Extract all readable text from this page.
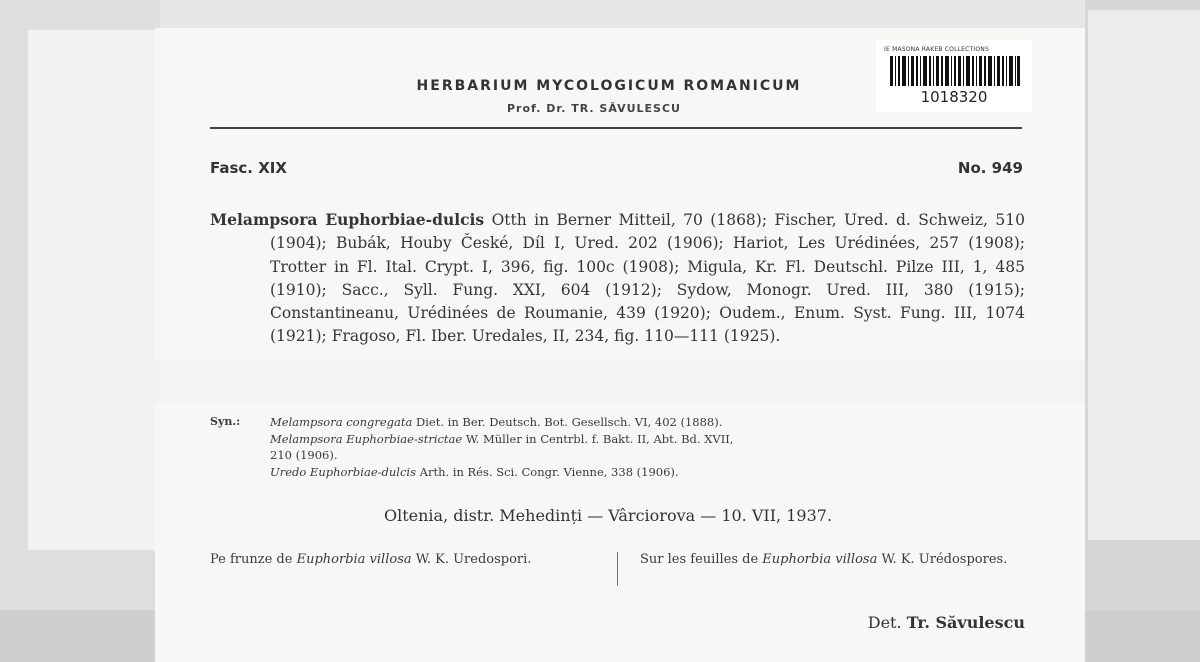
HERBARIUM MYCOLOGICUM ROMANICUM
Prof. Dr. TR. SĂVULESCU
Fasc. XIX	No. 949

Melampsora Euphorbiae-dulcis Otth in Berner Mitteil, 70 (1868); Fischer, Ured. d. Schweiz, 510 (1904); Bubák, Houby České, Díl I, Ured. 202 (1906); Hariot, Les Urédinées, 257 (1908); Trotter in Fl. Ital. Crypt. I, 396, fig. 100c (1908); Migula, Kr. Fl. Deutschl. Pilze III, 1, 485 (1910); Sacc., Syll. Fung. XXI, 604 (1912); Sydow, Monogr. Ured. III, 380 (1915); Constantineanu, Urédinées de Roumanie, 439 (1920); Oudem., Enum. Syst. Fung. III, 1074 (1921); Fragoso, Fl. Iber. Uredales, II, 234, fig. 110—111 (1925).

Syn.:	Melampsora congregata Diet. in Ber. Deutsch. Bot. Gesellsch. VI, 402 (1888).
Melampsora Euphorbiae-strictae W. Müller in Centrbl. f. Bakt. II, Abt. Bd. XVII,
210 (1906).
Uredo Euphorbiae-dulcis Arth. in Rés. Sci. Congr. Vienne, 338 (1906).
Oltenia, distr. Mehedinți — Vârciorova — 10. VII, 1937.
Pe frunze de Euphorbia villosa W. K. Uredospori.	Sur les feuilles de Euphorbia villosa W. K. Urédospores.
Det. Tr. Săvulescu
IE MASONA RAKEB COLLECTIONS
1018320
